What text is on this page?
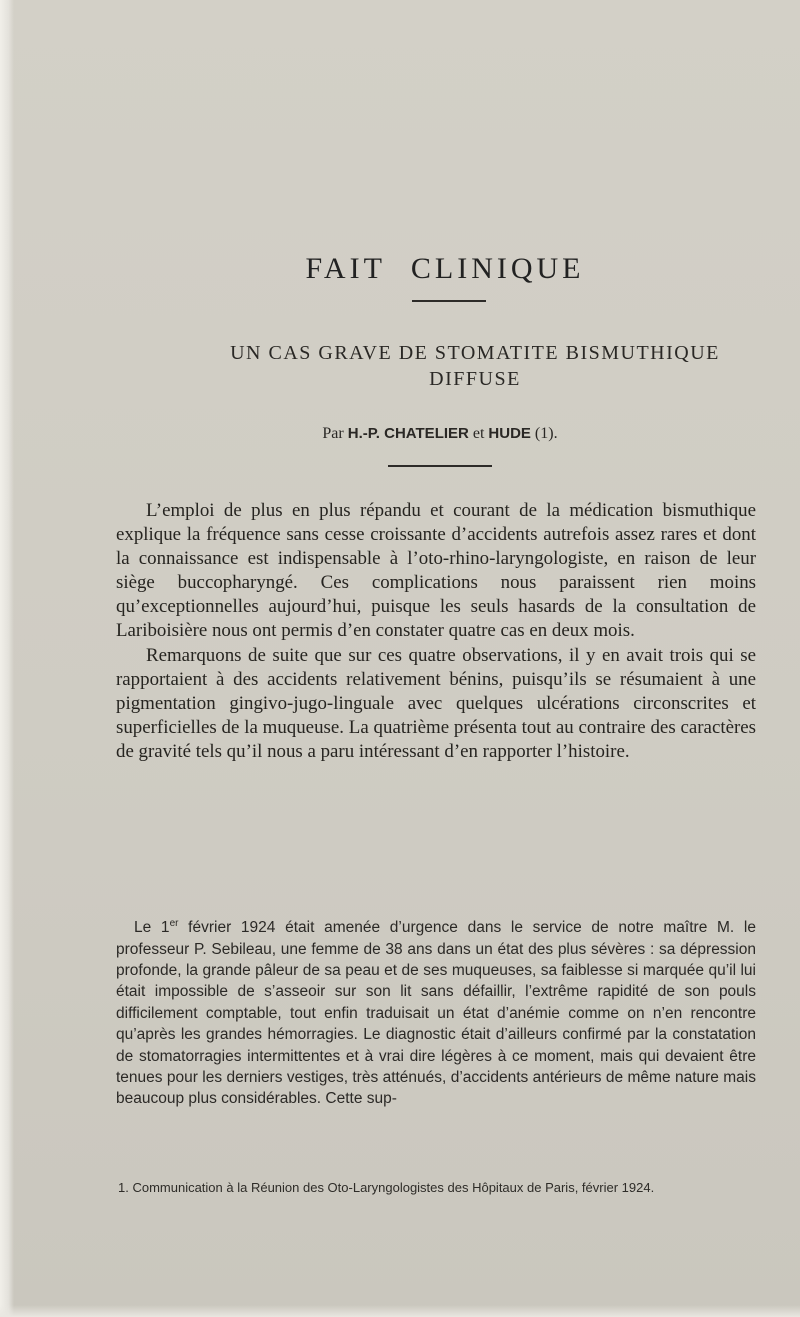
FAIT CLINIQUE
UN CAS GRAVE DE STOMATITE BISMUTHIQUE
DIFFUSE
Par H.-P. CHATELIER et HUDE (1).

L’emploi de plus en plus répandu et courant de la médication bismuthique explique la fréquence sans cesse croissante d’accidents autrefois assez rares et dont la connaissance est indispensable à l’oto-rhino-laryngologiste, en raison de leur siège buccopharyngé. Ces complications nous paraissent rien moins qu’exceptionnelles aujourd’hui, puisque les seuls hasards de la consultation de Lariboisière nous ont permis d’en constater quatre cas en deux mois.

Remarquons de suite que sur ces quatre observations, il y en avait trois qui se rapportaient à des accidents relativement bénins, puisqu’ils se résumaient à une pigmentation gingivo-jugo-linguale avec quelques ulcérations circonscrites et superficielles de la muqueuse. La quatrième présenta tout au contraire des caractères de gravité tels qu’il nous a paru intéressant d’en rapporter l’histoire.

Le 1er février 1924 était amenée d’urgence dans le service de notre maître M. le professeur P. Sebileau, une femme de 38 ans dans un état des plus sévères : sa dépression profonde, la grande pâleur de sa peau et de ses muqueuses, sa faiblesse si marquée qu’il lui était impossible de s’asseoir sur son lit sans défaillir, l’extrême rapidité de son pouls difficilement comptable, tout enfin traduisait un état d’anémie comme on n’en rencontre qu’après les grandes hémorragies. Le diagnostic était d’ailleurs confirmé par la constatation de stomatorragies intermittentes et à vrai dire légères à ce moment, mais qui devaient être tenues pour les derniers vestiges, très atténués, d’accidents antérieurs de même nature mais beaucoup plus considérables. Cette sup-

1. Communication à la Réunion des Oto-Laryngologistes des Hôpitaux de Paris, février 1924.
